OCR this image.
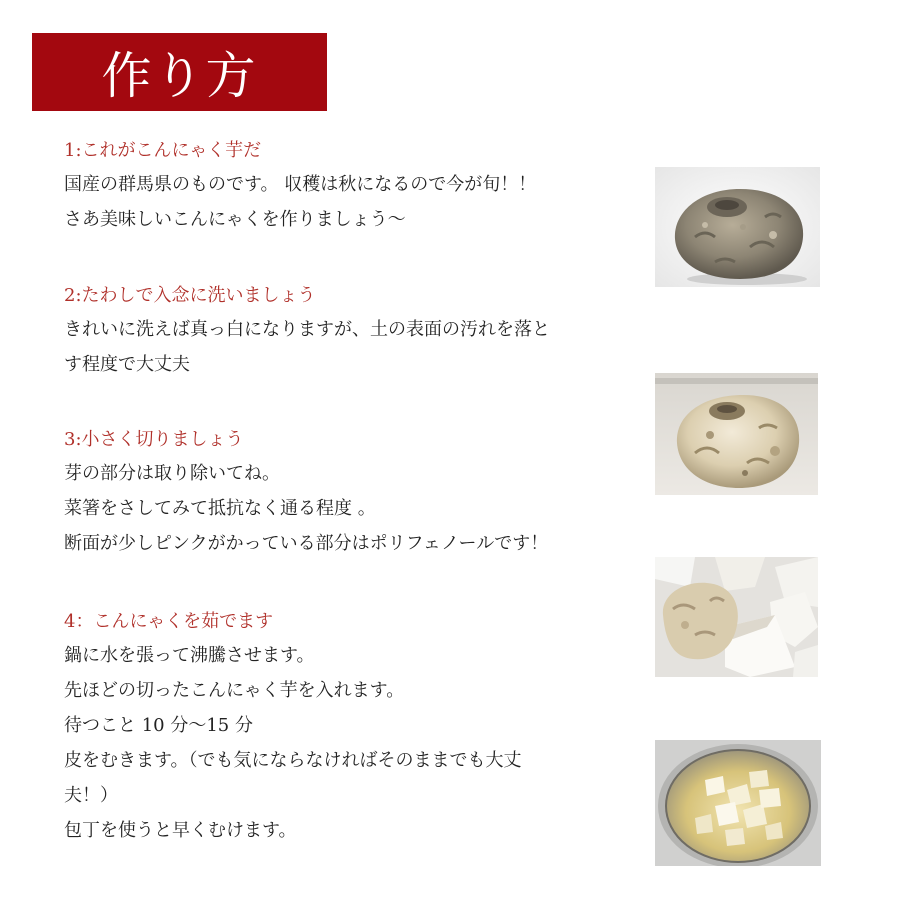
作り方
1:これがこんにゃく芋だ

国産の群馬県のものです。 収穫は秋になるので今が旬！！

さあ美味しいこんにゃくを作りましょう～

2:たわしで入念に洗いましょう

きれいに洗えば真っ白になりますが、土の表面の汚れを落と

す程度で大丈夫

3:小さく切りましょう

芽の部分は取り除いてね。

菜箸をさしてみて抵抗なく通る程度 。

断面が少しピンクがかっている部分はポリフェノールです！

4：こんにゃくを茹でます

鍋に水を張って沸騰させます。

先ほどの切ったこんにゃく芋を入れます。

待つこと 10 分～15 分

皮をむきます。（でも気にならなければそのままでも大丈

夫！）

包丁を使うと早くむけます。
